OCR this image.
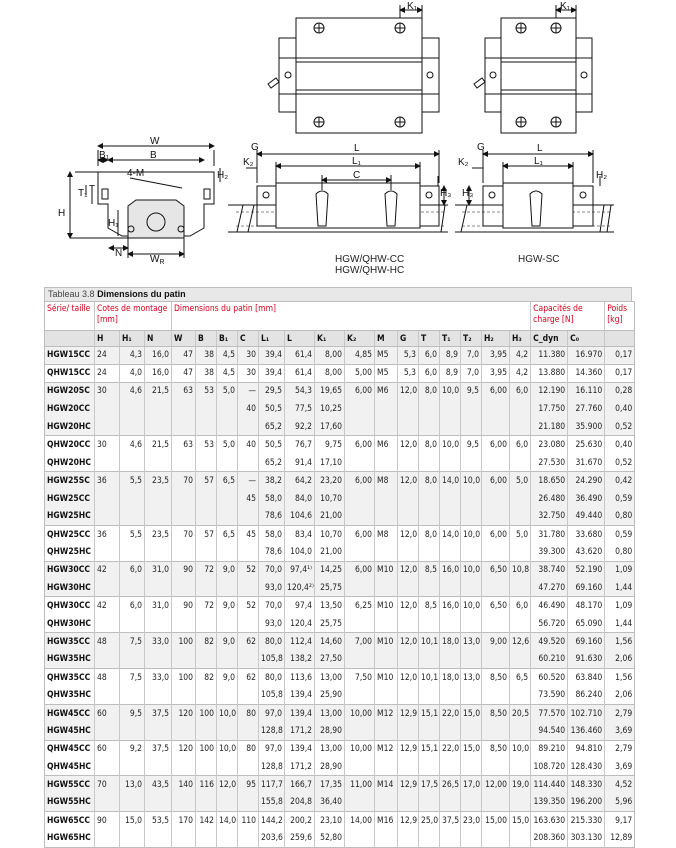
K₁	K₁
W
B₁	B
4-M
T₁ T
H₂
H
H₁
N
$W_R$
G
K₂
L
L₁
C
H₃
G
K₂
L
L₁
H₃
H₂
HGW/QHW-CC
HGW/QHW-HC
HGW-SC
Tableau 3.8 Dimensions du patin
Série/ taille	Cotes de montage [mm]			Dimensions du patin [mm]															Capacités de charge [N]		Poids [kg]
	H	H₁	N	W	B	B₁	C	L₁	L	K₁	K₂	M	G	T	T₁	T₂	H₂	H₃	C_dyn	C₀	
HGW15CC	24	4,3	16,0	47	38	4,5	30	39,4	61,4	8,00	4,85	M5	5,3	6,0	8,9	7,0	3,95	4,2	11.380	16.970	0,17
QHW15CC	24	4,0	16,0	47	38	4,5	30	39,4	61,4	8,00	5,00	M5	5,3	6,0	8,9	7,0	3,95	4,2	13.880	14.360	0,17
HGW20SC	30	4,6	21,5	63	53	5,0	—	29,5	54,3	19,65	6,00	M6	12,0	8,0	10,0	9,5	6,00	6,0	12.190	16.110	0,28
HGW20CC							40	50,5	77,5	10,25									17.750	27.760	0,40
HGW20HC								65,2	92,2	17,60									21.180	35.900	0,52
QHW20CC	30	4,6	21,5	63	53	5,0	40	50,5	76,7	9,75	6,00	M6	12,0	8,0	10,0	9,5	6,00	6,0	23.080	25.630	0,40
QHW20HC								65,2	91,4	17,10									27.530	31.670	0,52
HGW25SC	36	5,5	23,5	70	57	6,5	—	38,2	64,2	23,20	6,00	M8	12,0	8,0	14,0	10,0	6,00	5,0	18.650	24.290	0,42
HGW25CC							45	58,0	84,0	10,70									26.480	36.490	0,59
HGW25HC								78,6	104,6	21,00									32.750	49.440	0,80
QHW25CC	36	5,5	23,5	70	57	6,5	45	58,0	83,4	10,70	6,00	M8	12,0	8,0	14,0	10,0	6,00	5,0	31.780	33.680	0,59
QHW25HC								78,6	104,0	21,00									39.300	43.620	0,80
HGW30CC	42	6,0	31,0	90	72	9,0	52	70,0	97,4¹⁾	14,25	6,00	M10	12,0	8,5	16,0	10,0	6,50	10,8	38.740	52.190	1,09
HGW30HC								93,0	120,4²⁾	25,75									47.270	69.160	1,44
QHW30CC	42	6,0	31,0	90	72	9,0	52	70,0	97,4	13,50	6,25	M10	12,0	8,5	16,0	10,0	6,50	6,0	46.490	48.170	1,09
QHW30HC								93,0	120,4	25,75									56.720	65.090	1,44
HGW35CC	48	7,5	33,0	100	82	9,0	62	80,0	112,4	14,60	7,00	M10	12,0	10,1	18,0	13,0	9,00	12,6	49.520	69.160	1,56
HGW35HC								105,8	138,2	27,50									60.210	91.630	2,06
QHW35CC	48	7,5	33,0	100	82	9,0	62	80,0	113,6	13,00	7,50	M10	12,0	10,1	18,0	13,0	8,50	6,5	60.520	63.840	1,56
QHW35HC								105,8	139,4	25,90									73.590	86.240	2,06
HGW45CC	60	9,5	37,5	120	100	10,0	80	97,0	139,4	13,00	10,00	M12	12,9	15,1	22,0	15,0	8,50	20,5	77.570	102.710	2,79
HGW45HC								128,8	171,2	28,90									94.540	136.460	3,69
QHW45CC	60	9,2	37,5	120	100	10,0	80	97,0	139,4	13,00	10,00	M12	12,9	15,1	22,0	15,0	8,50	10,0	89.210	94.810	2,79
QHW45HC								128,8	171,2	28,90									108.720	128.430	3,69
HGW55CC	70	13,0	43,5	140	116	12,0	95	117,7	166,7	17,35	11,00	M14	12,9	17,5	26,5	17,0	12,00	19,0	114.440	148.330	4,52
HGW55HC								155,8	204,8	36,40									139.350	196.200	5,96
HGW65CC	90	15,0	53,5	170	142	14,0	110	144,2	200,2	23,10	14,00	M16	12,9	25,0	37,5	23,0	15,00	15,0	163.630	215.330	9,17
HGW65HC								203,6	259,6	52,80									208.360	303.130	12,89
